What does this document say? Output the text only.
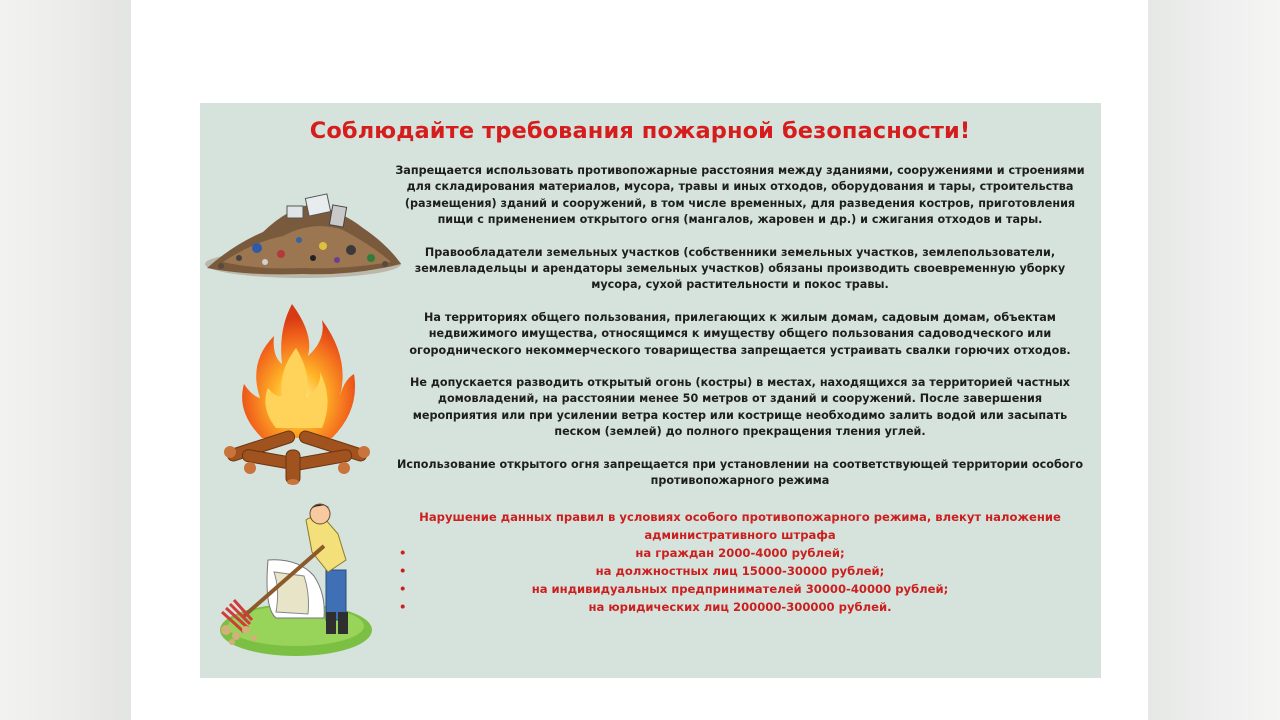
Соблюдайте требования пожарной безопасности!

Запрещается использовать противопожарные расстояния между зданиями, сооружениями и строениями для складирования материалов, мусора, травы и иных отходов, оборудования и тары, строительства (размещения) зданий и сооружений, в том числе временных, для разведения костров, приготовления пищи с применением открытого огня (мангалов, жаровен и др.) и сжигания отходов и тары.

Правообладатели земельных участков (собственники земельных участков, землепользователи, землевладельцы и арендаторы земельных участков) обязаны производить своевременную уборку мусора, сухой растительности и покос травы.

На территориях общего пользования, прилегающих к жилым домам, садовым домам, объектам недвижимого имущества, относящимся к имуществу общего пользования садоводческого или огороднического некоммерческого товарищества запрещается устраивать свалки горючих отходов.

Не допускается разводить открытый огонь (костры) в местах, находящихся за территорией частных домовладений, на расстоянии менее 50 метров от зданий и сооружений. После завершения мероприятия или при усилении ветра костер или кострище необходимо залить водой или засыпать песком (землей) до полного прекращения тления углей.

Использование открытого огня запрещается при установлении на соответствующей территории особого противопожарного режима

Нарушение данных правил в условиях особого противопожарного режима, влекут наложение административного штрафа

•	на граждан 2000-4000 рублей;
•	на должностных лиц 15000-30000 рублей;
•	на индивидуальных предпринимателей 30000-40000 рублей;
•	на юридических лиц 200000-300000 рублей.
